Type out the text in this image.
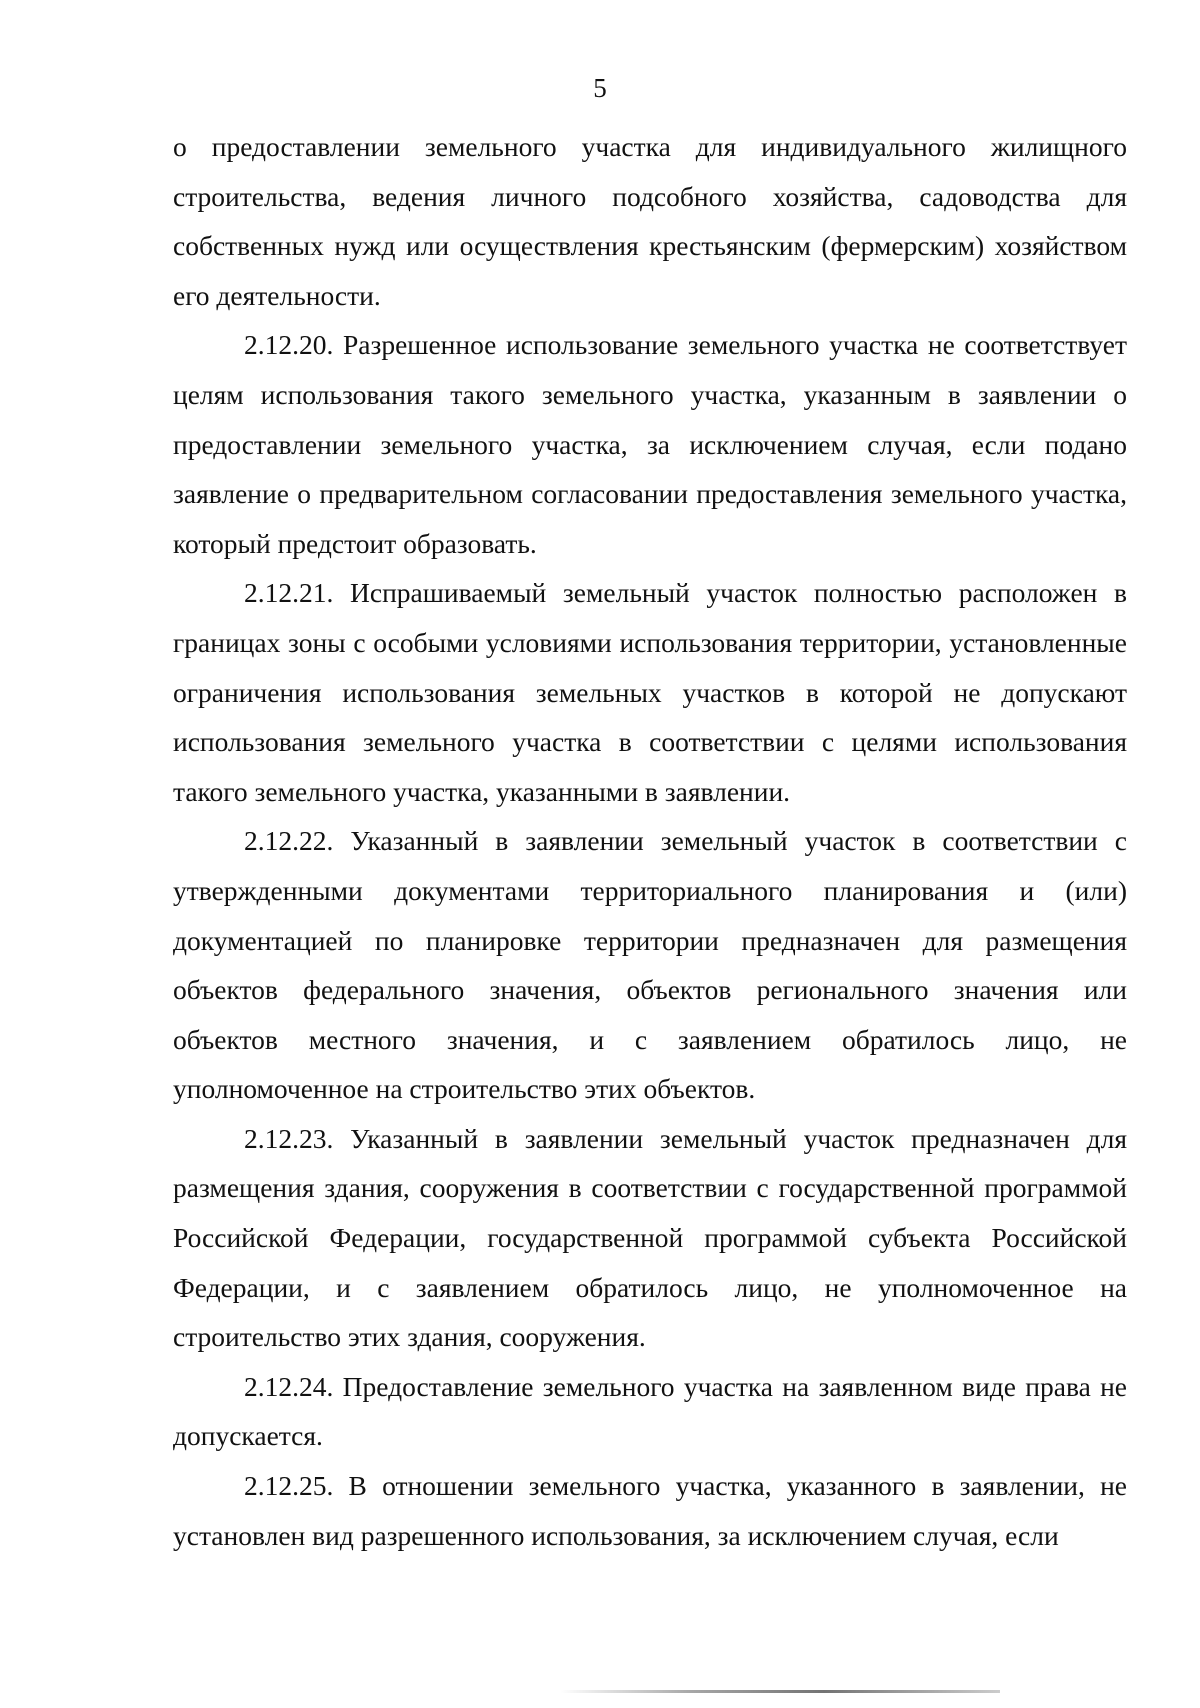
5

о предоставлении земельного участка для индивидуального жилищного строительства, ведения личного подсобного хозяйства, садоводства для собственных нужд или осуществления крестьянским (фермерским) хозяйством его деятельности.

2.12.20. Разрешенное использование земельного участка не соответствует целям использования такого земельного участка, указанным в заявлении о предоставлении земельного участка, за исключением случая, если подано заявление о предварительном согласовании предоставления земельного участка, который предстоит образовать.

2.12.21. Испрашиваемый земельный участок полностью расположен в границах зоны с особыми условиями использования территории, установленные ограничения использования земельных участков в которой не допускают использования земельного участка в соответствии с целями использования такого земельного участка, указанными в заявлении.

2.12.22. Указанный в заявлении земельный участок в соответствии с утвержденными документами территориального планирования и (или) документацией по планировке территории предназначен для размещения объектов федерального значения, объектов регионального значения или объектов местного значения, и с заявлением обратилось лицо, не уполномоченное на строительство этих объектов.

2.12.23. Указанный в заявлении земельный участок предназначен для размещения здания, сооружения в соответствии с государственной программой Российской Федерации, государственной программой субъекта Российской Федерации, и с заявлением обратилось лицо, не уполномоченное на строительство этих здания, сооружения.

2.12.24. Предоставление земельного участка на заявленном виде права не допускается.

2.12.25. В отношении земельного участка, указанного в заявлении, не установлен вид разрешенного использования, за исключением случая, если
